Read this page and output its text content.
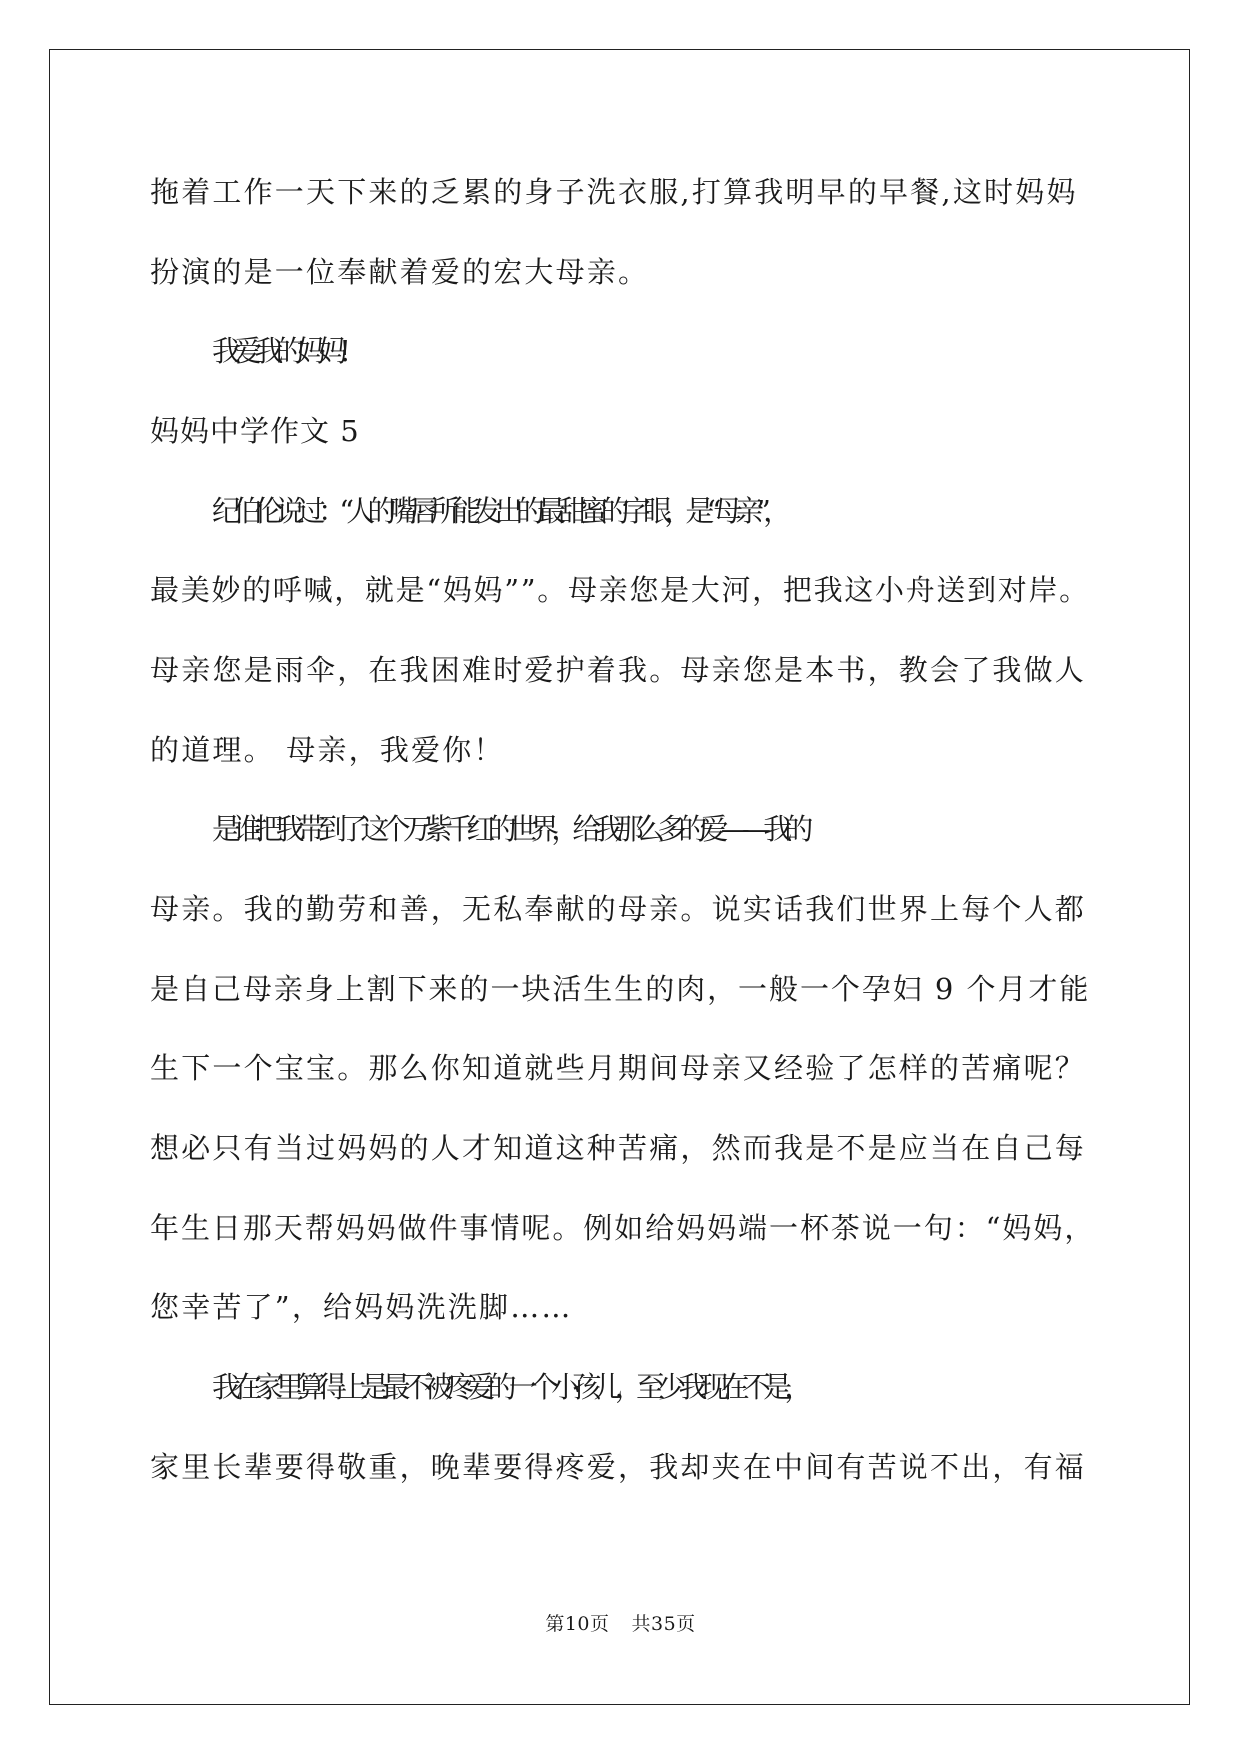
拖着工作一天下来的乏累的身子洗衣服,打算我明早的早餐,这时妈妈
扮演的是一位奉献着爱的宏大母亲。
我爱我的妈妈!
妈妈中学作文 5
纪伯伦说过：“人的嘴唇所能发出的最甜蜜的字眼，是“母亲”，
最美妙的呼喊，就是“妈妈””。母亲您是大河，把我这小舟送到对岸。
母亲您是雨伞，在我困难时爱护着我。母亲您是本书，教会了我做人
的道理。 母亲，我爱你！
是谁把我带到了这个万紫千红的世界，给我那么多的爱——我的
母亲。我的勤劳和善，无私奉献的母亲。说实话我们世界上每个人都
是自己母亲身上割下来的一块活生生的肉，一般一个孕妇 9 个月才能
生下一个宝宝。那么你知道就些月期间母亲又经验了怎样的苦痛呢？
想必只有当过妈妈的人才知道这种苦痛，然而我是不是应当在自己每
年生日那天帮妈妈做件事情呢。例如给妈妈端一杯茶说一句：“妈妈，
您幸苦了”，给妈妈洗洗脚……
我在家里算得上是最不被疼爱的一个小孩儿，至少我现在不是，
家里长辈要得敬重，晚辈要得疼爱，我却夹在中间有苦说不出，有福
第10页 共35页
